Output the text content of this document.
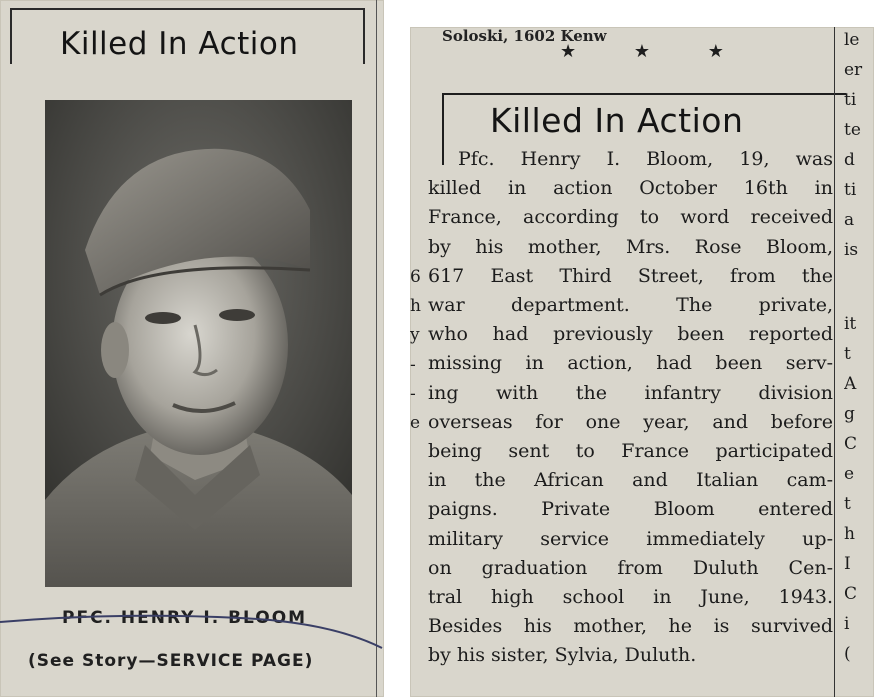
Killed In Action
PFC. HENRY I. BLOOM
(See Story—SERVICE PAGE)
Soloski, 1602 Kenw
★ ★ ★
Killed In Action
Pfc. Henry I. Bloom, 19, was
killed in action October 16th in
France, according to word received
by his mother, Mrs. Rose Bloom,
617 East Third Street, from the
war department. The private,
who had previously been reported
missing in action, had been serv-
ing with the infantry division
overseas for one year, and before
being sent to France participated
in the African and Italian cam-
paigns. Private Bloom entered
military service immediately up-
on graduation from Duluth Cen-
tral high school in June, 1943.
Besides his mother, he is survived
by his sister, Sylvia, Duluth.
6
h
y
-
-
e
le
er
ti
te
d
ti
a
is
it
t
A
g
C
e
t
h
I
C
i
(
